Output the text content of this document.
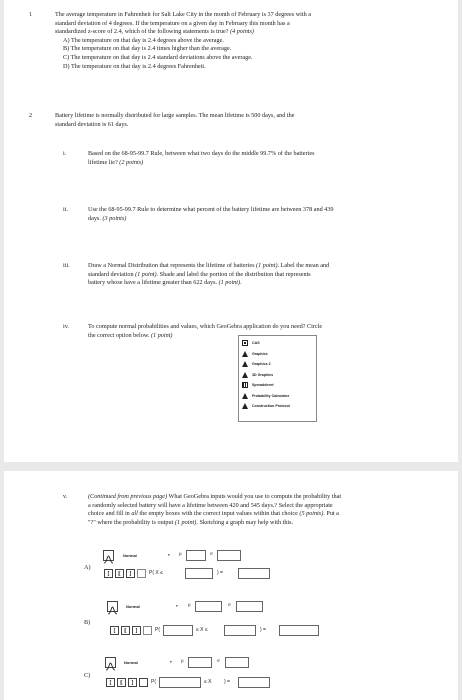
1	The average temperature in Fahrenheit for Salt Lake City in the month of February is 37 degrees with a
standard deviation of 4 degrees. If the temperature on a given day in February this month has a
standardized z-score of 2.4, which of the following statements is true? (4 points)
A) The temperature on that day is 2.4 degrees above the average.
B) The temperature on that day is 2.4 times higher than the average.
C) The temperature on that day is 2.4 standard deviations above the average.
D) The temperature on that day is 2.4 degrees Fahrenheit.
2	Battery lifetime is normally distributed for large samples. The mean lifetime is 500 days, and the
standard deviation is 61 days.
i.	Based on the 68-95-99.7 Rule, between what two days do the middle 99.7% of the batteries
lifetime lie? (2 points)
ii.	Use the 68-95-99.7 Rule to determine what percent of the battery lifetime are between 378 and 439
days. (3 points)
iii.	Draw a Normal Distribution that represents the lifetime of batteries (1 point). Label the mean and
standard deviation (1 point). Shade and label the portion of the distribution that represents
battery whose have a lifetime greater than 622 days. (1 point).
iv.	To compute normal probabilities and values, which GeoGebra application do you need? Circle
the correct option below. (1 point)
CAS
Graphics
Graphics 2
3D Graphics
Spreadsheet
Probability Calculator
Construction Protocol
v.	(Continued from previous page) What GeoGebra inputs would you use to compute the probability that
a randomly selected battery will have a lifetime between 420 and 545 days.? Select the appropriate
choice and fill in all the empty boxes with the correct input values within that choice (5 points). Put a
"?" where the probability is output (1 point). Sketching a graph may help with this.
A)
Normal	▾ μ	σ
[	⟦	]	P( X ≤	) =
B)
Normal	▾ μ	σ
[	⟦	]	P(	≤ X ≤	) =
C)
Normal	▾ μ	σ
[	⟦	]	P(	≤ X	) =
